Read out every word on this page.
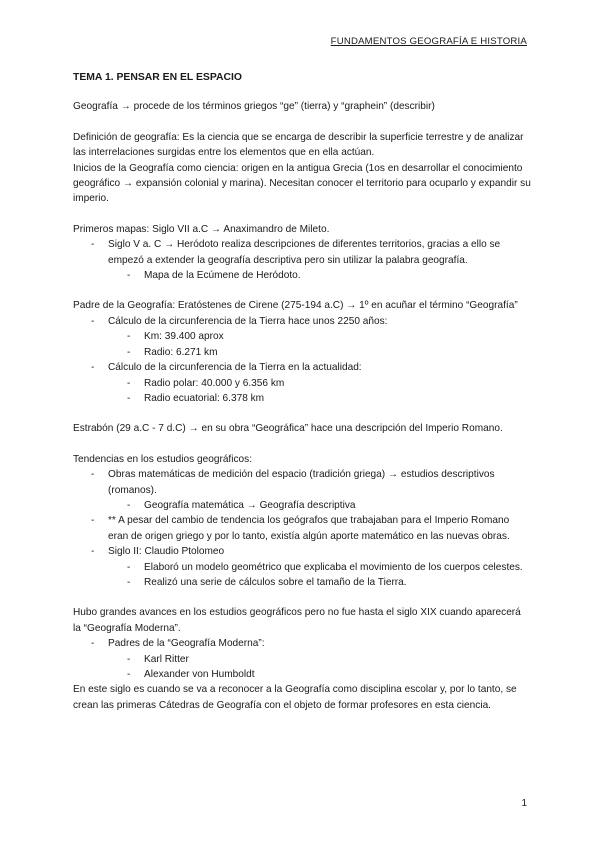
FUNDAMENTOS GEOGRAFÍA E HISTORIA

TEMA 1. PENSAR EN EL ESPACIO

Geografía → procede de los términos griegos “ge” (tierra) y “graphein” (describir)

Definición de geografía: Es la ciencia que se encarga de describir la superficie terrestre y de analizar las interrelaciones surgidas entre los elementos que en ella actúan.

Inicios de la Geografía como ciencia: origen en la antigua Grecia (1os en desarrollar el conocimiento geográfico → expansión colonial y marina). Necesitan conocer el territorio para ocuparlo y expandir su imperio.

Primeros mapas: Siglo VII a.C → Anaximandro de Mileto.

- Siglo V a. C → Heródoto realiza descripciones de diferentes territorios, gracias a ello se empezó a extender la geografía descriptiva pero sin utilizar la palabra geografía.
- Mapa de la Ecúmene de Heródoto.

Padre de la Geografía: Eratóstenes de Cirene (275-194 a.C) → 1º en acuñar el término “Geografía”

- Cálculo de la circunferencia de la Tierra hace unos 2250 años:
- Km: 39.400 aprox
- Radio: 6.271 km
- Cálculo de la circunferencia de la Tierra en la actualidad:
- Radio polar: 40.000 y 6.356 km
- Radio ecuatorial: 6.378 km

Estrabón (29 a.C - 7 d.C) → en su obra “Geográfica” hace una descripción del Imperio Romano.

Tendencias en los estudios geográficos:

- Obras matemáticas de medición del espacio (tradición griega) → estudios descriptivos (romanos).
- Geografía matemática → Geografía descriptiva
- ** A pesar del cambio de tendencia los geógrafos que trabajaban para el Imperio Romano eran de origen griego y por lo tanto, existía algún aporte matemático en las nuevas obras.
- Siglo II: Claudio Ptolomeo
- Elaboró un modelo geométrico que explicaba el movimiento de los cuerpos celestes.
- Realizó una serie de cálculos sobre el tamaño de la Tierra.

Hubo grandes avances en los estudios geográficos pero no fue hasta el siglo XIX cuando aparecerá la “Geografía Moderna”.

- Padres de la “Geografía Moderna”:
- Karl Ritter
- Alexander von Humboldt

En este siglo es cuando se va a reconocer a la Geografía como disciplina escolar y, por lo tanto, se crean las primeras Cátedras de Geografía con el objeto de formar profesores en esta ciencia.

1
